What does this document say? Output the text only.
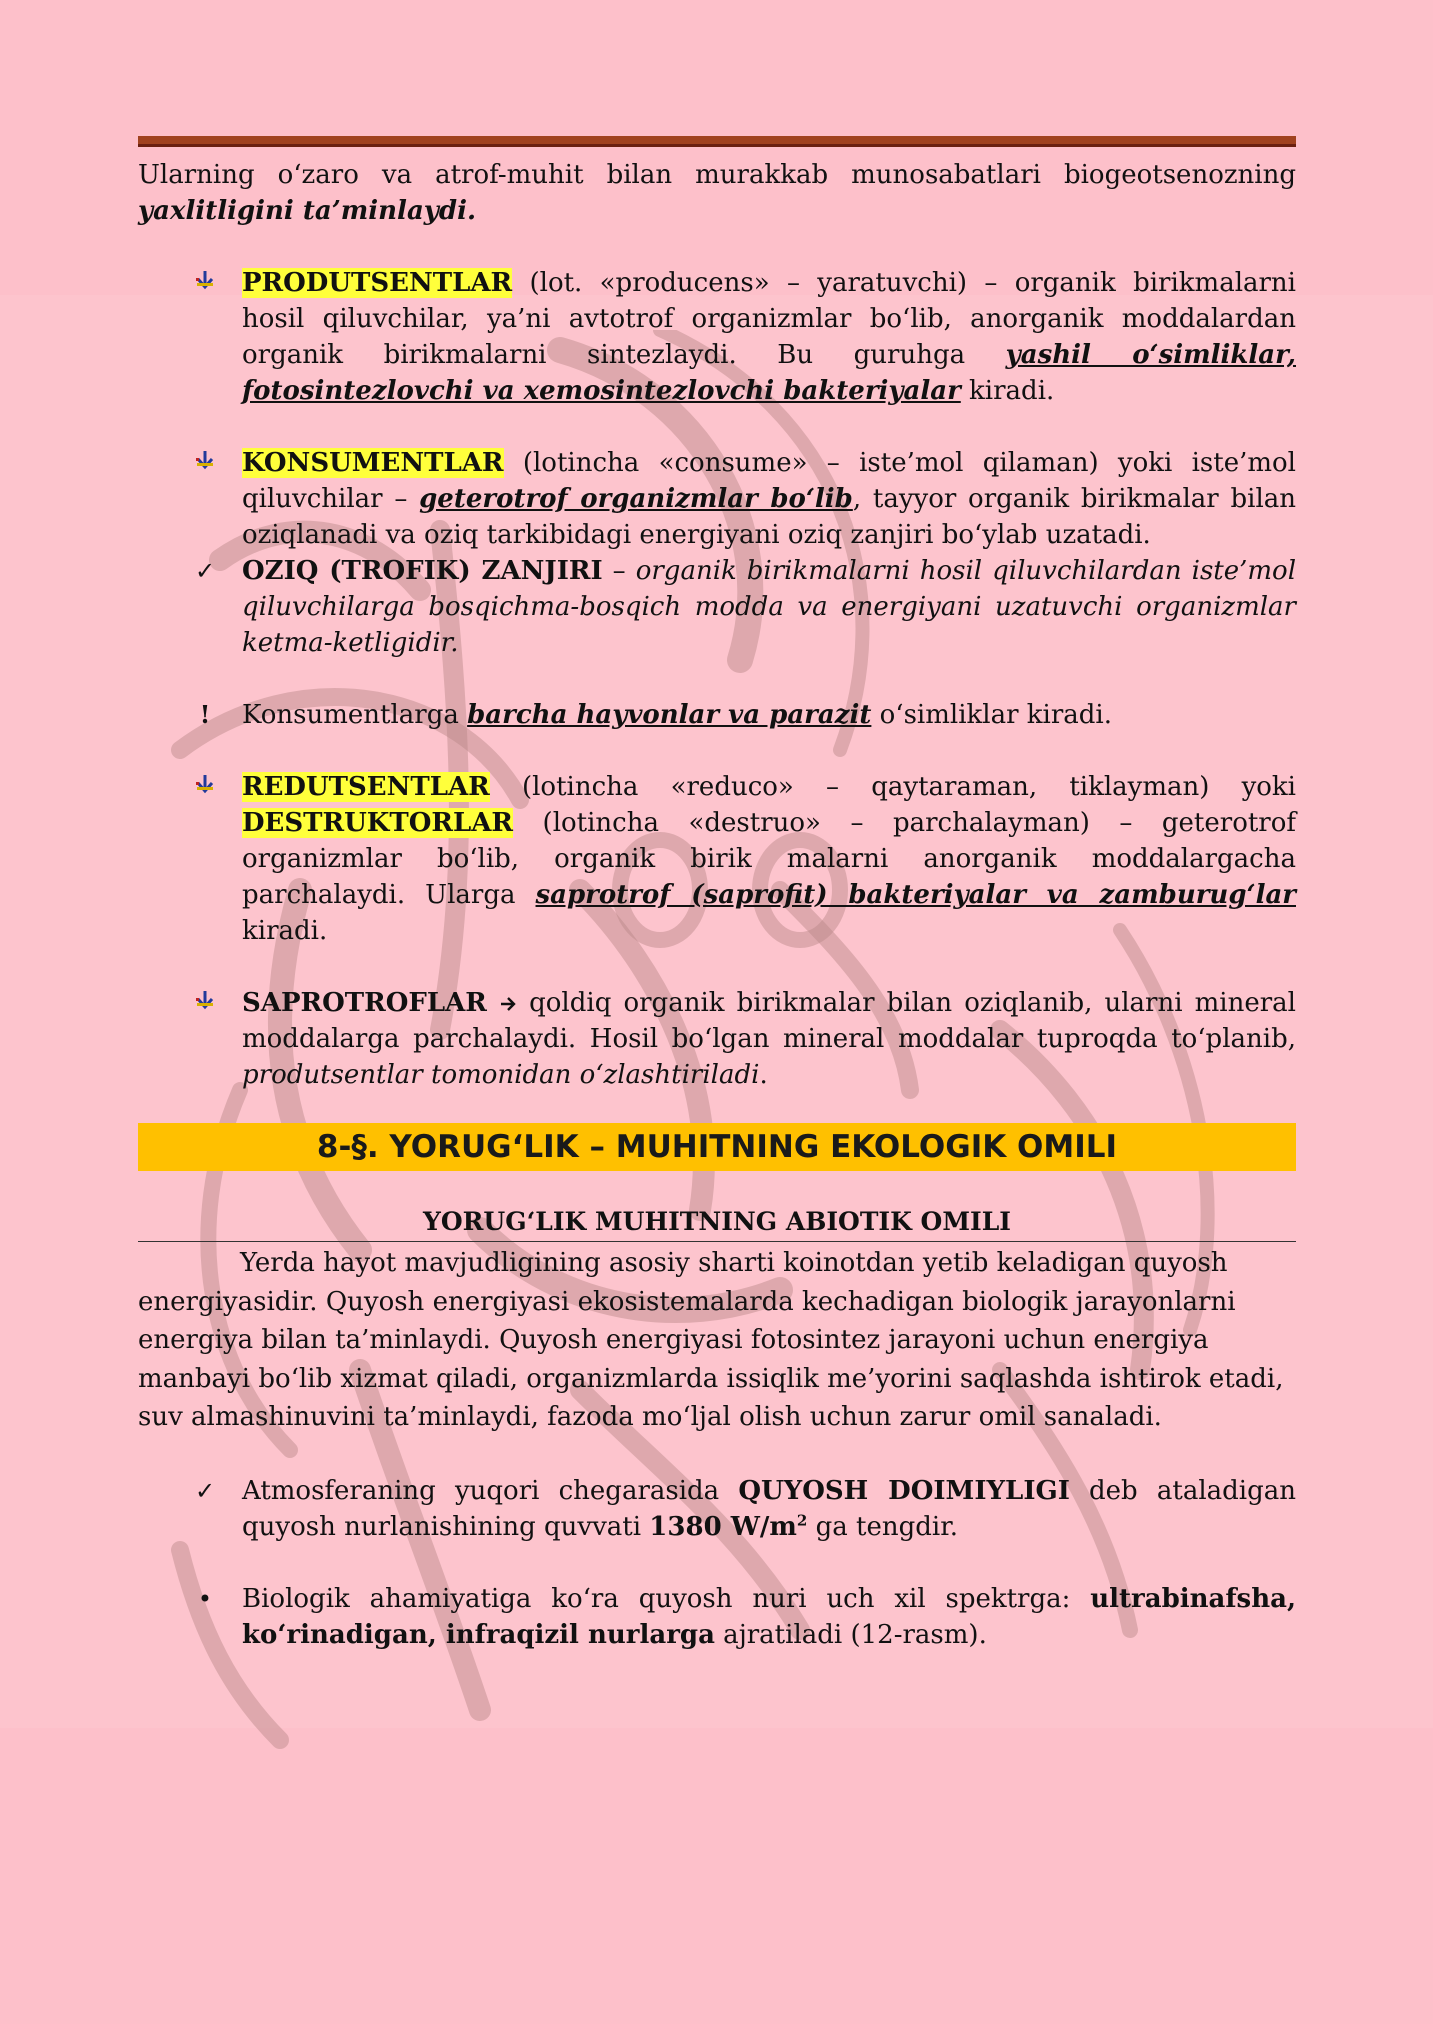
Ularning o‘zaro va atrof-muhit bilan murakkab munosabatlari biogeotsenozning yaxlitligini ta’minlaydi.

PRODUTSENTLAR (lot. «producens» – yaratuvchi) – organik birikmalarni hosil qiluvchilar, ya’ni avtotrof organizmlar bo‘lib, anorganik moddalardan organik birikmalarni sintezlaydi. Bu guruhga yashil o‘simliklar, fotosintezlovchi va xemosintezlovchi bakteriyalar kiradi.
KONSUMENTLAR (lotincha «consume» – iste’mol qilaman) yoki iste’mol qiluvchilar – geterotrof organizmlar bo‘lib, tayyor organik birikmalar bilan oziqlanadi va oziq tarkibidagi energiyani oziq zanjiri bo‘ylab uzatadi.
✓ OZIQ (TROFIK) ZANJIRI – organik birikmalarni hosil qiluvchilardan iste’mol qiluvchilarga bosqichma-bosqich modda va energiyani uzatuvchi organizmlar ketma-ketligidir.
! Konsumentlarga barcha hayvonlar va parazit o‘simliklar kiradi.
REDUTSENTLAR (lotincha «reduco» – qaytaraman, tiklayman) yoki DESTRUKTORLAR (lotincha «destruo» – parchalayman) – geterotrof organizmlar bo‘lib, organik birik malarni anorganik moddalargacha parchalaydi. Ularga saprotrof (saprofit) bakteriyalar va zamburug‘lar kiradi.
SAPROTROFLAR  qoldiq organik birikmalar bilan oziqlanib, ularni mineral moddalarga parchalaydi. Hosil bo‘lgan mineral moddalar tuproqda to‘planib, produtsentlar tomonidan o‘zlashtiriladi.
8-§. YORUG‘LIK – MUHITNING EKOLOGIK OMILI
YORUG‘LIK MUHITNING ABIOTIK OMILI

Yerda hayot mavjudligining asosiy sharti koinotdan yetib keladigan quyosh energiyasidir. Quyosh energiyasi ekosistemalarda kechadigan biologik jarayonlarni energiya bilan ta’minlaydi. Quyosh energiyasi fotosintez jarayoni uchun energiya manbayi bo‘lib xizmat qiladi, organizmlarda issiqlik me’yorini saqlashda ishtirok etadi, suv almashinuvini ta’minlaydi, fazoda mo‘ljal olish uchun zarur omil sanaladi.

✓ Atmosferaning yuqori chegarasida QUYOSH DOIMIYLIGI deb ataladigan quyosh nurlanishining quvvati 1380 $W/m^2$ ga tengdir.
• Biologik ahamiyatiga ko‘ra quyosh nuri uch xil spektrga: ultrabinafsha, ko‘rinadigan, infraqizil nurlarga ajratiladi (12-rasm).
